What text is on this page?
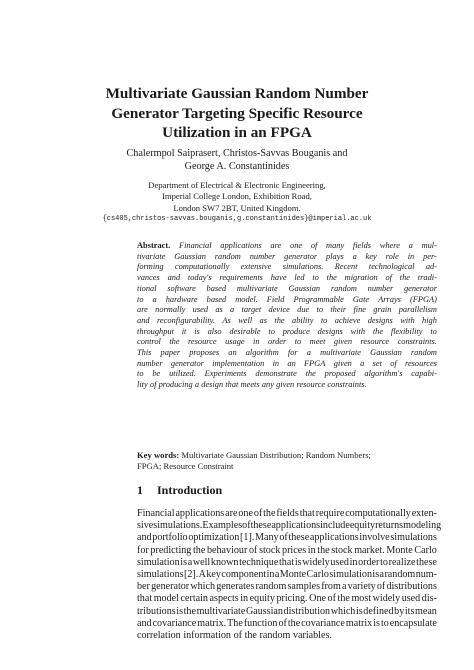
Multivariate Gaussian Random Number
Generator Targeting Specific Resource
Utilization in an FPGA
Chalermpol Saiprasert, Christos-Savvas Bouganis and
George A. Constantinides
Department of Electrical & Electronic Engineering,
Imperial College London, Exhibition Road,
London SW7 2BT, United Kingdom.
{cs405,christos-savvas.bouganis,g.constantinides}@imperial.ac.uk
Abstract. Financial applications are one of many fields where a mul-
tivariate Gaussian random number generator plays a key role in per-
forming computationally extensive simulations. Recent technological ad-
vances and today's requirements have led to the migration of the tradi-
tional software based multivariate Gaussian random number generator
to a hardware based model. Field Programmable Gate Arrays (FPGA)
are normally used as a target device due to their fine grain parallelism
and reconfigurability. As well as the ability to achieve designs with high
throughput it is also desirable to produce designs with the flexibility to
control the resource usage in order to meet given resource constraints.
This paper proposes an algorithm for a multivariate Gaussian random
number generator implementation in an FPGA given a set of resources
to be utilized. Experiments demonstrate the proposed algorithm's capabi-
lity of producing a design that meets any given resource constraints.
Key words: Multivariate Gaussian Distribution; Random Numbers;
FPGA; Resource Constraint
1 Introduction
Financial applications are one of the fields that require computationally exten-
sive simulations. Examples of these applications include equity returns modeling
and portfolio optimization [1]. Many of these applications involve simulations
for predicting the behaviour of stock prices in the stock market. Monte Carlo
simulation is a well known technique that is widely used in order to realize these
simulations [2]. A key component in a Monte Carlo simulation is a random num-
ber generator which generates random samples from a variety of distributions
that model certain aspects in equity pricing. One of the most widely used dis-
tributions is the multivariate Gaussian distribution which is defined by its mean
and covariance matrix. The function of the covariance matrix is to encapsulate
correlation information of the random variables.
